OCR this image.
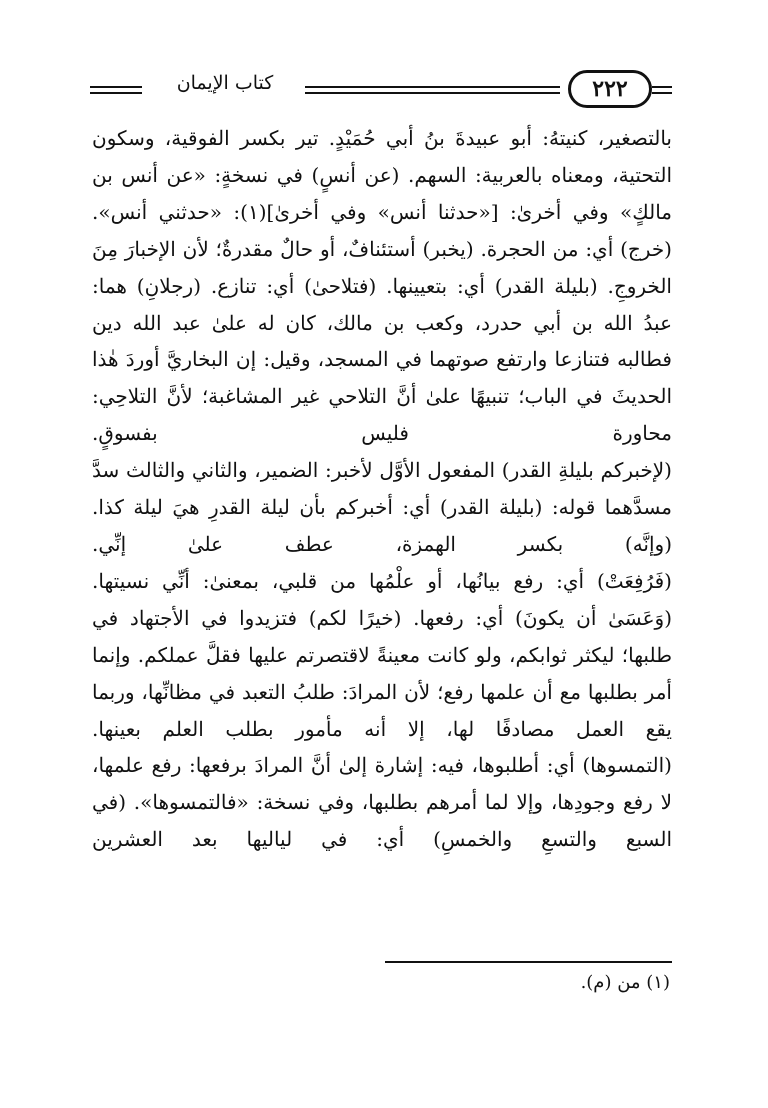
كتاب الإيمان	٢٢٢

بالتصغير، كنيتهُ: أبو عبيدةَ بنُ أبي حُمَيْدٍ. تير بكسر الفوقية، وسكون التحتية، ومعناه بالعربية: السهم. (عن أنسٍ) في نسخةٍ: «عن أنس بن مالكٍ» وفي أخرىٰ: [«حدثنا أنس» وفي أخرىٰ](١): «حدثني أنس».

(خرج) أي: من الحجرة. (يخبر) أستئنافٌ، أو حالٌ مقدرةٌ؛ لأن الإخبارَ مِنَ الخروجِ. (بليلة القدر) أي: بتعيينها. (فتلاحىٰ) أي: تنازع. (رجلانِ) هما: عبدُ الله بن أبي حدرد، وكعب بن مالك، كان له علىٰ عبد الله دين فطالبه فتنازعا وارتفع صوتهما في المسجد، وقيل: إن البخاريَّ أوردَ هٰذا الحديثَ في الباب؛ تنبيهًا علىٰ أنَّ التلاحي غير المشاغبة؛ لأنَّ التلاحِي: محاورة فليس بفسوقٍ.

(لإخبركم بليلةِ القدر) المفعول الأوَّل لأخبر: الضمير، والثاني والثالث سدَّ مسدَّهما قوله: (بليلة القدر) أي: أخبركم بأن ليلة القدرِ هيَ ليلة كذا. (وإنَّه) بكسر الهمزة، عطف علىٰ إنِّي.

(فَرُفِعَتْ) أي: رفع بيانُها، أو علْمُها من قلبي، بمعنىٰ: أنِّي نسيتها. (وَعَسَىٰ أن يكونَ) أي: رفعها. (خيرًا لكم) فتزيدوا في الأجتهاد في طلبها؛ ليكثر ثوابكم، ولو كانت معينةً لاقتصرتم عليها فقلَّ عملكم. وإنما أمر بطلبها مع أن علمها رفع؛ لأن المرادَ: طلبُ التعبد في مظانِّها، وربما يقع العمل مصادفًا لها، إلا أنه مأمور بطلب العلم بعينها.

(التمسوها) أي: أطلبوها، فيه: إشارة إلىٰ أنَّ المرادَ برفعها: رفع علمها، لا رفع وجودِها، وإلا لما أمرهم بطلبها، وفي نسخة: «فالتمسوها». (في السبع والتسعِ والخمسِ) أي: في لياليها بعد العشرين

(١) من (م).
